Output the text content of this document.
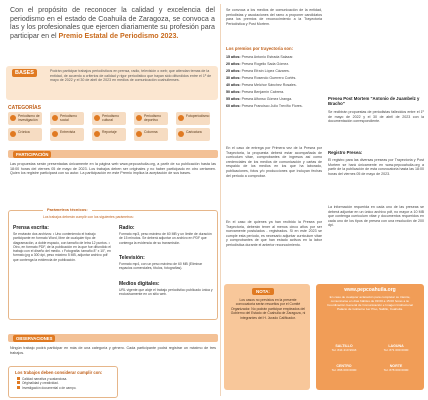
Con el propósito de reconocer la calidad y excelencia del periodismo en el estado de Coahuila de Zaragoza, se convoca a las y los profesionales que ejercen diariamente su profesión para participar en el Premio Estatal de Periodismo 2023.
BASES	Podrán participar trabajos periodísticos en prensa, radio, televisión o web; que atiendan temas de la entidad, de acuerdo a criterios de calidad y rigor periodístico que hayan sido difundidos entre el 1º de mayo de 2022 y el 30 de abril de 2023 en medios de comunicación coahuilenses.
CATEGORÍAS
Periodismo de investigación
Periodismo social
Periodismo cultural
Periodismo deportivo
Fotoperiodismo
Crónica	Entrevista	Reportaje	Columna	Caricatura
PARTICIPACIÓN
Las propuestas serán presentadas únicamente en la página web www.pepcoahuila.org, a partir de su publicación hasta las 18:00 horas del viernes 05 de mayo de 2023. Los trabajos deben ser originales y no haber participado en otro certamen. Quien los registre participará con su autor. La participación en este Premio implica la aceptación de sus bases.
Parámetros técnicos:
Los trabajos deberán cumplir con los siguientes parámetros:
Prensa escrita:
Se enviarán dos archivos: • Uno conteniendo el trabajo participante en formato Word, libre de cualquier tipo de diagramación, a doble espacio, con tamaño de letra 12 puntos. • Otro, en formato PDF, de la publicación en la que fue difundido el trabajo con el diseño del medio. • Fotografía: tamaño 8" x 10", en formato jpg a 300 dpi, peso máximo 5 MB, adjuntar archivo pdf que contenga la evidencia de publicación.
Radio:
Formato mp3, peso máximo de 60 MB y un límite de duración de 15 minutos. Se deberá adjuntar un archivo en PDF que contenga la evidencia de su transmisión.
Televisión:
Formato mp4, con un peso máximo de 60 MB (Eliminar espacios comerciales, títulos, fotografías).
Medios digitales:
URL vigente que aloje el trabajo periodístico publicado única y exclusivamente en un sitio web.
OBSERVACIONES
Ningún trabajo podrá participar en más de una categoría y género. Cada participante podrá registrar un máximo de tres trabajos.
Los trabajos deben considerar cumplir con:
Calidad narrativa y sustanciosa.
Originalidad y creatividad.
Investigación documental o de campo.
Se convoca a los medios de comunicación de la entidad, periodistas y asociaciones del ramo a proponer candidatos para los premios de reconocimiento a la Trayectoria Periodística y Post Mortem.
Los premios por trayectoria son:
15 años: Presea Antonio Estrada Salazar.
20 años: Presea Rogelio Sada Gómez.
25 años: Presea Efraín López Cázares.
30 años: Presea Rosendo Guerrero Cortés.
40 años: Presea Melchor Sánchez Rosales.
50 años: Presea Benjamín Cabrera.
55 años: Presea Alfonso Gómez Uranga.
60 años: Presea Francisco Julio Treviño Flores.
En el caso de entrega por Primera vez de la Presea por Trayectoria, la propuesta deberá estar acompañada de curriculum vitae, comprobantes de ingresos así como credenciales de los medios de comunicación y cartas de respaldo de los medios en los que ha laborado, publicaciones, fotos y/o producciones que incluyan fechas del periodo a comprobar.
En el caso de quienes ya han recibido la Presea por Trayectoria, deberán tener al menos cinco años por ser nuevamente postulados - registrados. Si en este 2023 se cumple esta período, es necesario adjuntar curriculum vitae y comprobantes de que han estado activos en la labor periodística durante el anterior reconocimiento.
Presea Post Mortem "Antonio de Juambelz y Bracho"
Se recibirán propuestas de periodistas fallecidos entre el 1º de mayo de 2022 y el 30 de abril de 2023 con la documentación correspondiente.
Registro Presea:
El registro para las diversas preseas por Trayectoria y Post Mortem se hará únicamente en www.pepcoahuila.org a partir de la publicación de esta convocatoria hasta las 18:00 horas del viernes 05 de mayo de 2023.
La información requerida en cada uno de las preseas se deberá adjuntar en un único archivo pdf, no mayor a 10 MB que contenga curriculum vitae y documentos requeridos en cada uno de los tipos de presea con una resolución de 200 dpi.
NOTA:
Los casos no previstos en la presente convocatoria serán resueltos por el Comité Organizador. No podrán participar empleados del Gobierno del Estado de Coahuila de Zaragoza, ni integrantes del H. Jurado Calificador.
www.pepcoahuila.org
En caso de cualquier aclaración para completar su trámite, comunicarse en días hábiles de 09:00 a 15:00 horas a la: Coordinación General de Comunicación e Imagen Institucional Palacio de Gobierno 1er Piso, Saltillo, Coahuila.
SALTILLO
Tel. 844 410 9943
LAGUNA
Tel. 871 000 0000
CENTRO
Tel. 866 000 0000
NORTE
Tel. 878 000 0000
